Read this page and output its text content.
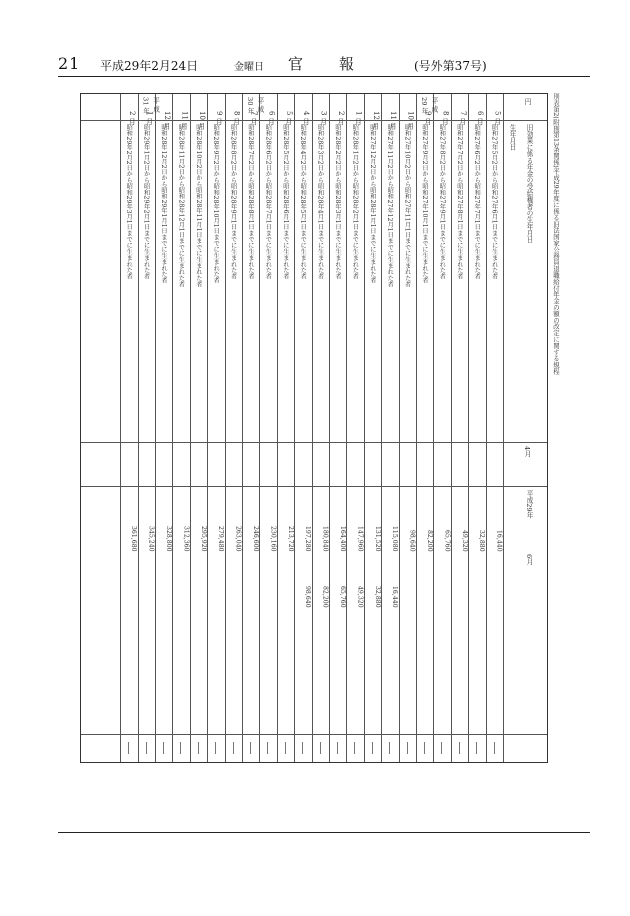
21 平成29年2月24日	金曜日 官報 (号外第37号)
円
旧効果に係る年金の受給権者の生年月日
4月
平成29年
6月
生年月日
5 月
昭和27年5月2日から昭和27年6月1日までに生まれた者
16,440
6 月
昭和27年6月2日から昭和27年7月1日までに生まれた者
32,880
7 月
昭和27年7月2日から昭和27年8月1日までに生まれた者
49,320
8 月
昭和27年8月2日から昭和27年9月1日までに生まれた者
65,760
9 月
昭和27年9月2日から昭和27年10月1日までに生まれた者
82,200
10 月
昭和27年10月2日から昭和27年11月1日までに生まれた者
98,640
11 月
昭和27年11月2日から昭和27年12月1日までに生まれた者
115,080
16,440
12 月
昭和27年12月2日から昭和28年1月1日までに生まれた者
131,520
32,880
1 月
昭和28年1月2日から昭和28年2月1日までに生まれた者
147,960
49,320
2 月
昭和28年2月2日から昭和28年3月1日までに生まれた者
164,400
65,760
3 月
昭和28年3月2日から昭和28年4月1日までに生まれた者
180,840
82,200
4 月
昭和28年4月2日から昭和28年5月1日までに生まれた者
197,280
98,640
5 月
昭和28年5月2日から昭和28年6月1日までに生まれた者
213,720
6 月
昭和28年6月2日から昭和28年7月1日までに生まれた者
230,160
7 月
昭和28年7月2日から昭和28年8月1日までに生まれた者
246,600
8 月
昭和28年8月2日から昭和28年9月1日までに生まれた者
263,040
9 月
昭和28年9月2日から昭和28年10月1日までに生まれた者
279,480
10 月
昭和28年10月2日から昭和28年11月1日までに生まれた者
295,920
11 月
昭和28年11月2日から昭和28年12月1日までに生まれた者
312,360
12 月
昭和28年12月2日から昭和29年1月1日までに生まれた者
328,800
1 月
昭和29年1月2日から昭和29年2月1日までに生まれた者
345,240
2 月
昭和29年2月2日から昭和29年3月1日までに生まれた者
361,680
平 成 29 年
平 成 30 年
平 成 31 年	別表第2(附則第13条関係)平成29年度に係る旧法国家公務員退職給付年金の額の改定に関する規程
